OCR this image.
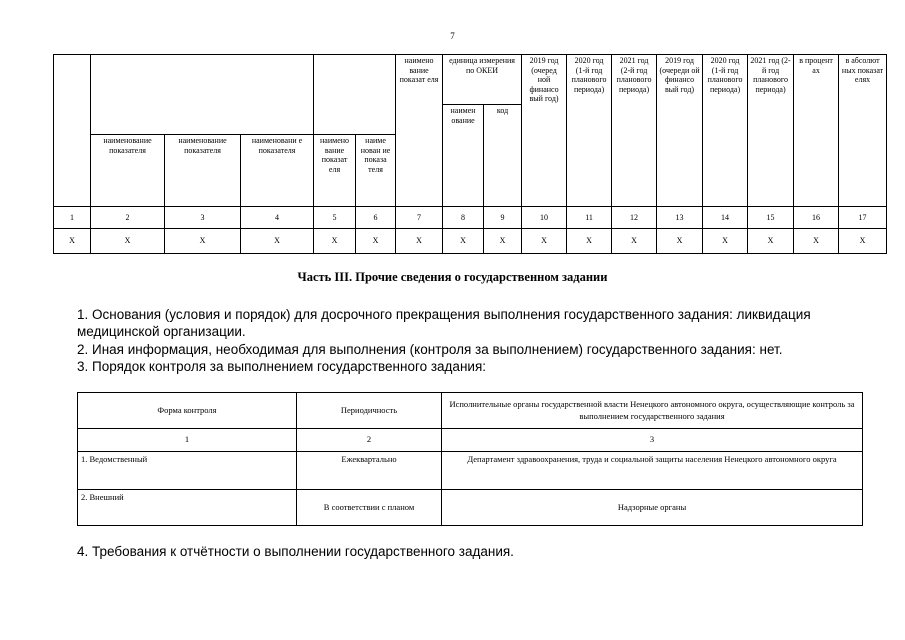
7
						наимено вание показат еля	единица измерения по ОКЕИ		2019 год (очеред ной финансо вый год)	2020 год (1-й год планового периода)	2021 год (2-й год планового периода)	2019 год (очереди ой финансо вый год)	2020 год (1-й год планового периода)	2021 год (2-й год планового периода)	в процент ах	в абсолют ных показат елях
							наимен ование	код								
	наименование показателя	наименование показателя	наименовани е показателя	наимено вание показат еля	наиме нован ие показа теля											
1	2	3	4	5	6	7	8	9	10	11	12	13	14	15	16	17
X	X	X	X	X	X	X	X	X	X	X	X	X	X	X	X	X
Часть III. Прочие сведения о государственном задании
1. Основания (условия и порядок) для досрочного прекращения выполнения государственного задания: ликвидация медицинской организации.
2. Иная информация, необходимая для выполнения (контроля за выполнением) государственного задания: нет.
3. Порядок контроля за выполнением государственного задания:
Форма контроля	Периодичность	Исполнительные органы государственной власти Ненецкого автономного округа, осуществляющие контроль за выполнением государственного задания
1	2	3
1. Ведомственный	Ежеквартально	Департамент здравоохранения, труда и социальной защиты населения Ненецкого автономного округа
2. Внешний	В соответствии с планом	Надзорные органы
4. Требования к отчётности о выполнении государственного задания.
